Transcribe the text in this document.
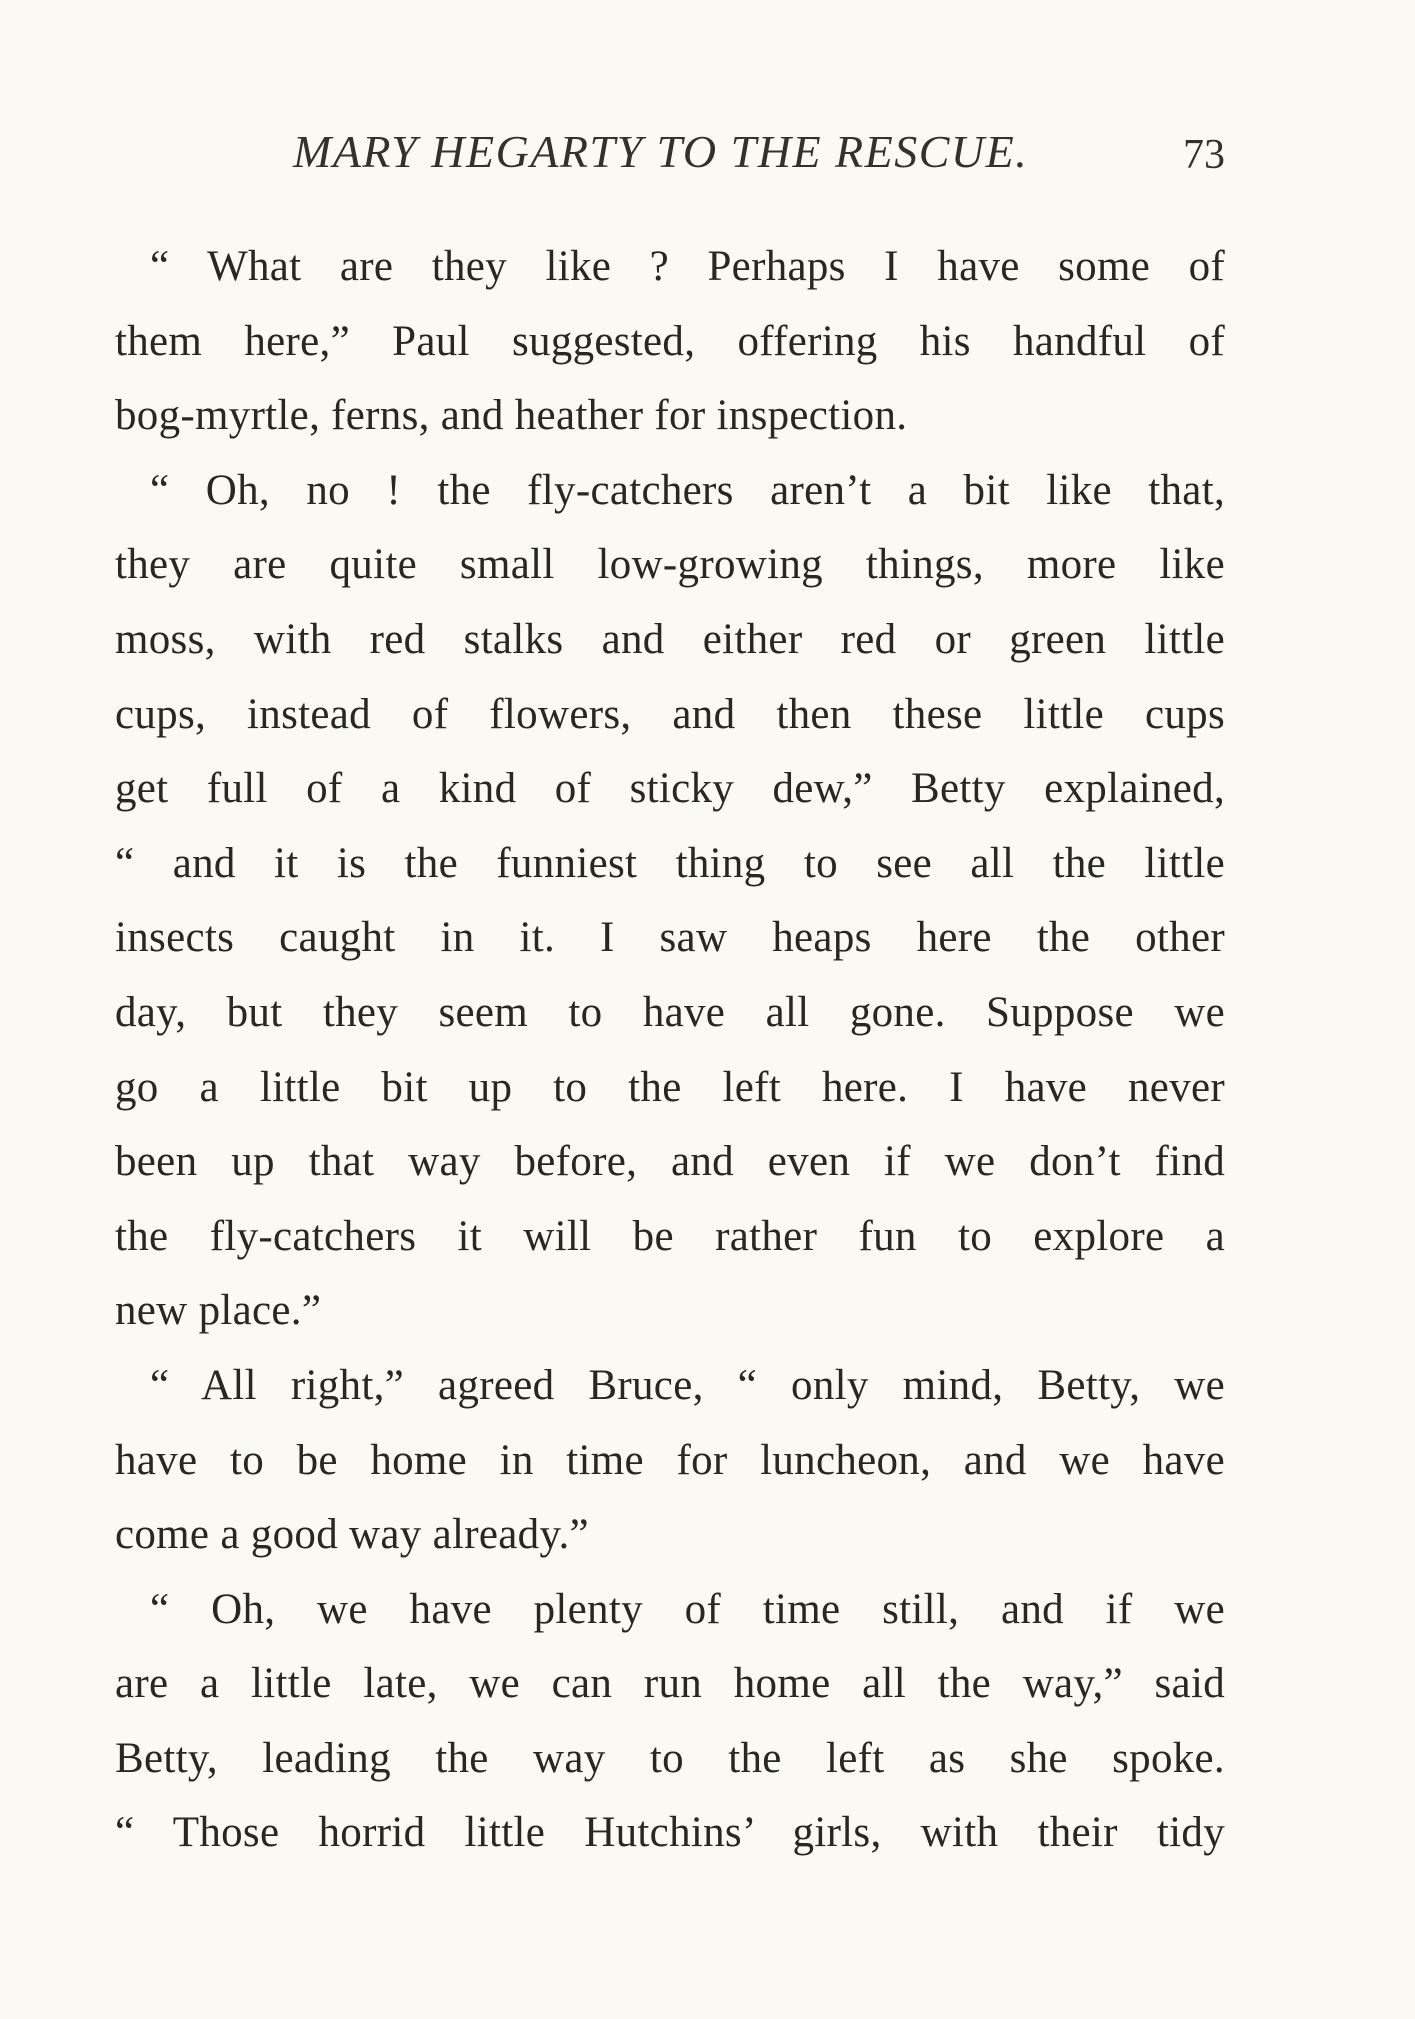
MARY HEGARTY TO THE RESCUE.	73
“ What are they like ? Perhaps I have some of
them here,” Paul suggested, offering his handful of
bog-myrtle, ferns, and heather for inspection.
“ Oh, no ! the fly-catchers aren’t a bit like that,
they are quite small low-growing things, more like
moss, with red stalks and either red or green little
cups, instead of flowers, and then these little cups
get full of a kind of sticky dew,” Betty explained,
“ and it is the funniest thing to see all the little
insects caught in it. I saw heaps here the other
day, but they seem to have all gone. Suppose we
go a little bit up to the left here. I have never
been up that way before, and even if we don’t find
the fly-catchers it will be rather fun to explore a
new place.”
“ All right,” agreed Bruce, “ only mind, Betty, we
have to be home in time for luncheon, and we have
come a good way already.”
“ Oh, we have plenty of time still, and if we
are a little late, we can run home all the way,” said
Betty, leading the way to the left as she spoke.
“ Those horrid little Hutchins’ girls, with their tidy
